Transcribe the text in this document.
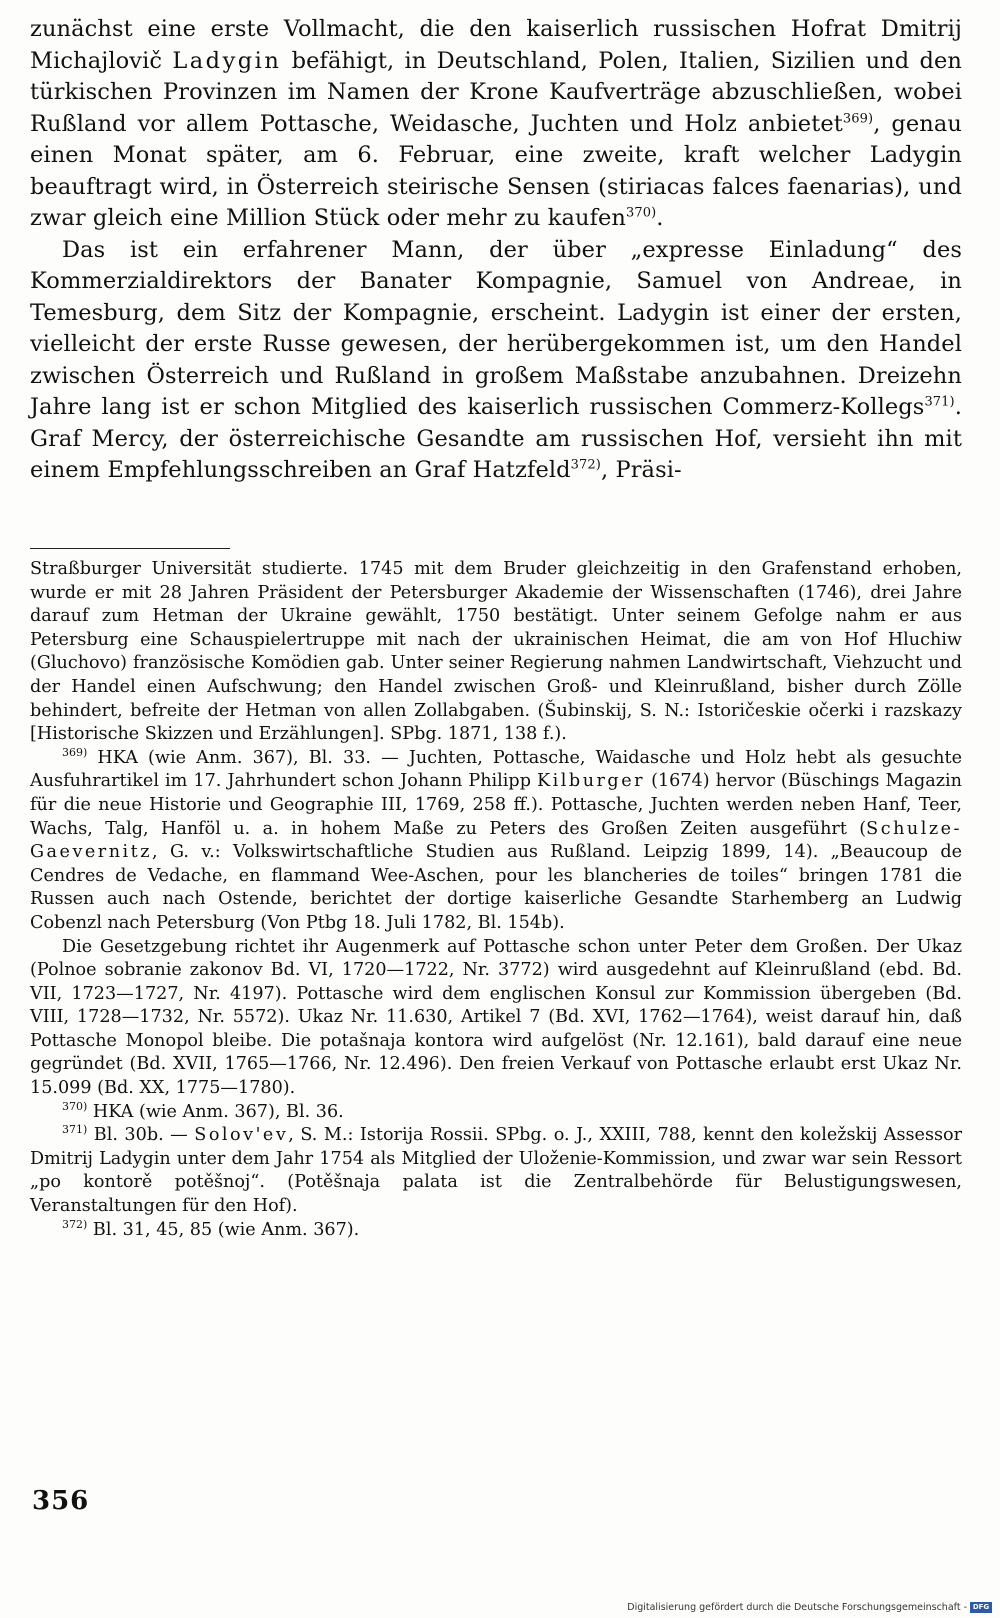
zunächst eine erste Vollmacht, die den kaiserlich russischen Hofrat Dmitrij Michajlovič Ladygin befähigt, in Deutschland, Polen, Italien, Sizilien und den türkischen Provinzen im Namen der Krone Kaufverträge abzuschließen, wobei Rußland vor allem Pottasche, Weidasche, Juchten und Holz anbietet$^{369)}$, genau einen Monat später, am 6. Februar, eine zweite, kraft welcher Ladygin beauftragt wird, in Österreich steirische Sensen (stiriacas falces faenarias), und zwar gleich eine Million Stück oder mehr zu kaufen$^{370)}$.

Das ist ein erfahrener Mann, der über „expresse Einladung“ des Kommerzialdirektors der Banater Kompagnie, Samuel von Andreae, in Temesburg, dem Sitz der Kompagnie, erscheint. Ladygin ist einer der ersten, vielleicht der erste Russe gewesen, der herübergekommen ist, um den Handel zwischen Österreich und Rußland in großem Maßstabe anzubahnen. Dreizehn Jahre lang ist er schon Mitglied des kaiserlich russischen Commerz-Kollegs$^{371)}$. Graf Mercy, der österreichische Gesandte am russischen Hof, versieht ihn mit einem Empfehlungsschreiben an Graf Hatzfeld$^{372)}$, Präsi-

Straßburger Universität studierte. 1745 mit dem Bruder gleichzeitig in den Grafenstand erhoben, wurde er mit 28 Jahren Präsident der Petersburger Akademie der Wissenschaften (1746), drei Jahre darauf zum Hetman der Ukraine gewählt, 1750 bestätigt. Unter seinem Gefolge nahm er aus Petersburg eine Schauspielertruppe mit nach der ukrainischen Heimat, die am von Hof Hluchiw (Gluchovo) französische Komödien gab. Unter seiner Regierung nahmen Landwirtschaft, Viehzucht und der Handel einen Aufschwung; den Handel zwischen Groß- und Kleinrußland, bisher durch Zölle behindert, befreite der Hetman von allen Zollabgaben. (Šubinskij, S. N.: Istoričeskie očerki i razskazy [Historische Skizzen und Erzählungen]. SPbg. 1871, 138 f.).

$^{369)}$ HKA (wie Anm. 367), Bl. 33. — Juchten, Pottasche, Waidasche und Holz hebt als gesuchte Ausfuhrartikel im 17. Jahrhundert schon Johann Philipp Kilburger (1674) hervor (Büschings Magazin für die neue Historie und Geographie III, 1769, 258 ff.). Pottasche, Juchten werden neben Hanf, Teer, Wachs, Talg, Hanföl u. a. in hohem Maße zu Peters des Großen Zeiten ausgeführt (Schulze-Gaevernitz, G. v.: Volkswirtschaftliche Studien aus Rußland. Leipzig 1899, 14). „Beaucoup de Cendres de Vedache, en flammand Wee-Aschen, pour les blancheries de toiles“ bringen 1781 die Russen auch nach Ostende, berichtet der dortige kaiserliche Gesandte Starhemberg an Ludwig Cobenzl nach Petersburg (Von Ptbg 18. Juli 1782, Bl. 154b).

Die Gesetzgebung richtet ihr Augenmerk auf Pottasche schon unter Peter dem Großen. Der Ukaz (Polnoe sobranie zakonov Bd. VI, 1720—1722, Nr. 3772) wird ausgedehnt auf Kleinrußland (ebd. Bd. VII, 1723—1727, Nr. 4197). Pottasche wird dem englischen Konsul zur Kommission übergeben (Bd. VIII, 1728—1732, Nr. 5572). Ukaz Nr. 11.630, Artikel 7 (Bd. XVI, 1762—1764), weist darauf hin, daß Pottasche Monopol bleibe. Die potašnaja kontora wird aufgelöst (Nr. 12.161), bald darauf eine neue gegründet (Bd. XVII, 1765—1766, Nr. 12.496). Den freien Verkauf von Pottasche erlaubt erst Ukaz Nr. 15.099 (Bd. XX, 1775—1780).

$^{370)}$ HKA (wie Anm. 367), Bl. 36.

$^{371)}$ Bl. 30b. — Solov'ev, S. M.: Istorija Rossii. SPbg. o. J., XXIII, 788, kennt den koležskij Assessor Dmitrij Ladygin unter dem Jahr 1754 als Mitglied der Uloženie-Kommission, und zwar war sein Ressort „po kontorě potěšnoj“. (Potěšnaja palata ist die Zentralbehörde für Belustigungswesen, Veranstaltungen für den Hof).

$^{372)}$ Bl. 31, 45, 85 (wie Anm. 367).

356
Digitalisierung gefördert durch die Deutsche Forschungsgemeinschaft - DFG
